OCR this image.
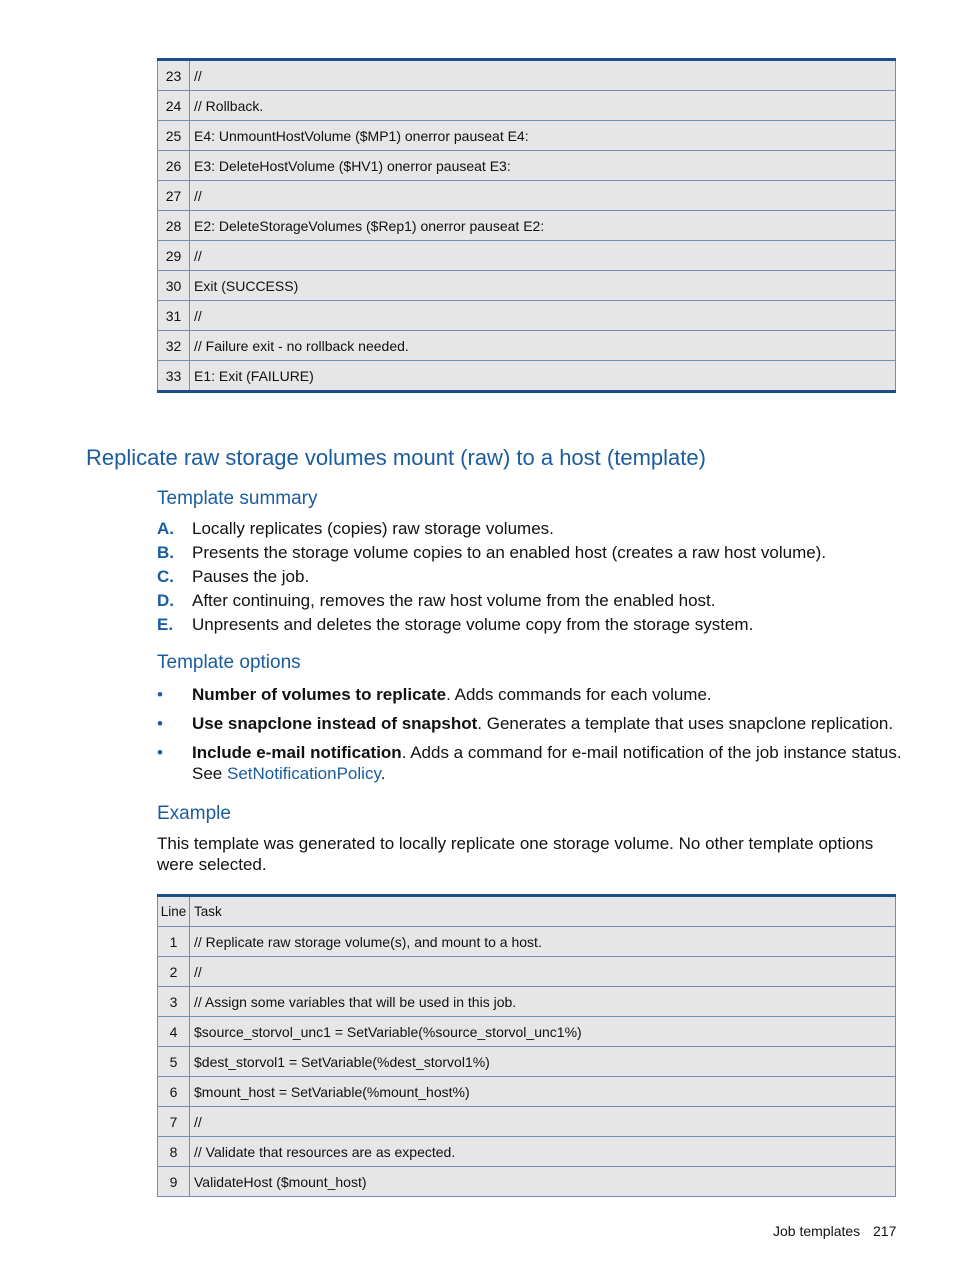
23	//
24	// Rollback.
25	E4: UnmountHostVolume ($MP1) onerror pauseat E4:
26	E3: DeleteHostVolume ($HV1) onerror pauseat E3:
27	//
28	E2: DeleteStorageVolumes ($Rep1) onerror pauseat E2:
29	//
30	Exit (SUCCESS)
31	//
32	// Failure exit - no rollback needed.
33	E1: Exit (FAILURE)
Replicate raw storage volumes mount (raw) to a host (template)
Template summary
A. Locally replicates (copies) raw storage volumes.
B. Presents the storage volume copies to an enabled host (creates a raw host volume).
C. Pauses the job.
D. After continuing, removes the raw host volume from the enabled host.
E. Unpresents and deletes the storage volume copy from the storage system.
Template options
• Number of volumes to replicate. Adds commands for each volume.
• Use snapclone instead of snapshot. Generates a template that uses snapclone replication.
• Include e-mail notification. Adds a command for e-mail notification of the job instance status. See SetNotificationPolicy.
Example

This template was generated to locally replicate one storage volume. No other template options were selected.

Line	Task
1	// Replicate raw storage volume(s), and mount to a host.
2	//
3	// Assign some variables that will be used in this job.
4	$source_storvol_unc1 = SetVariable(%source_storvol_unc1%)
5	$dest_storvol1 = SetVariable(%dest_storvol1%)
6	$mount_host = SetVariable(%mount_host%)
7	//
8	// Validate that resources are as expected.
9	ValidateHost ($mount_host)
Job templates 217
